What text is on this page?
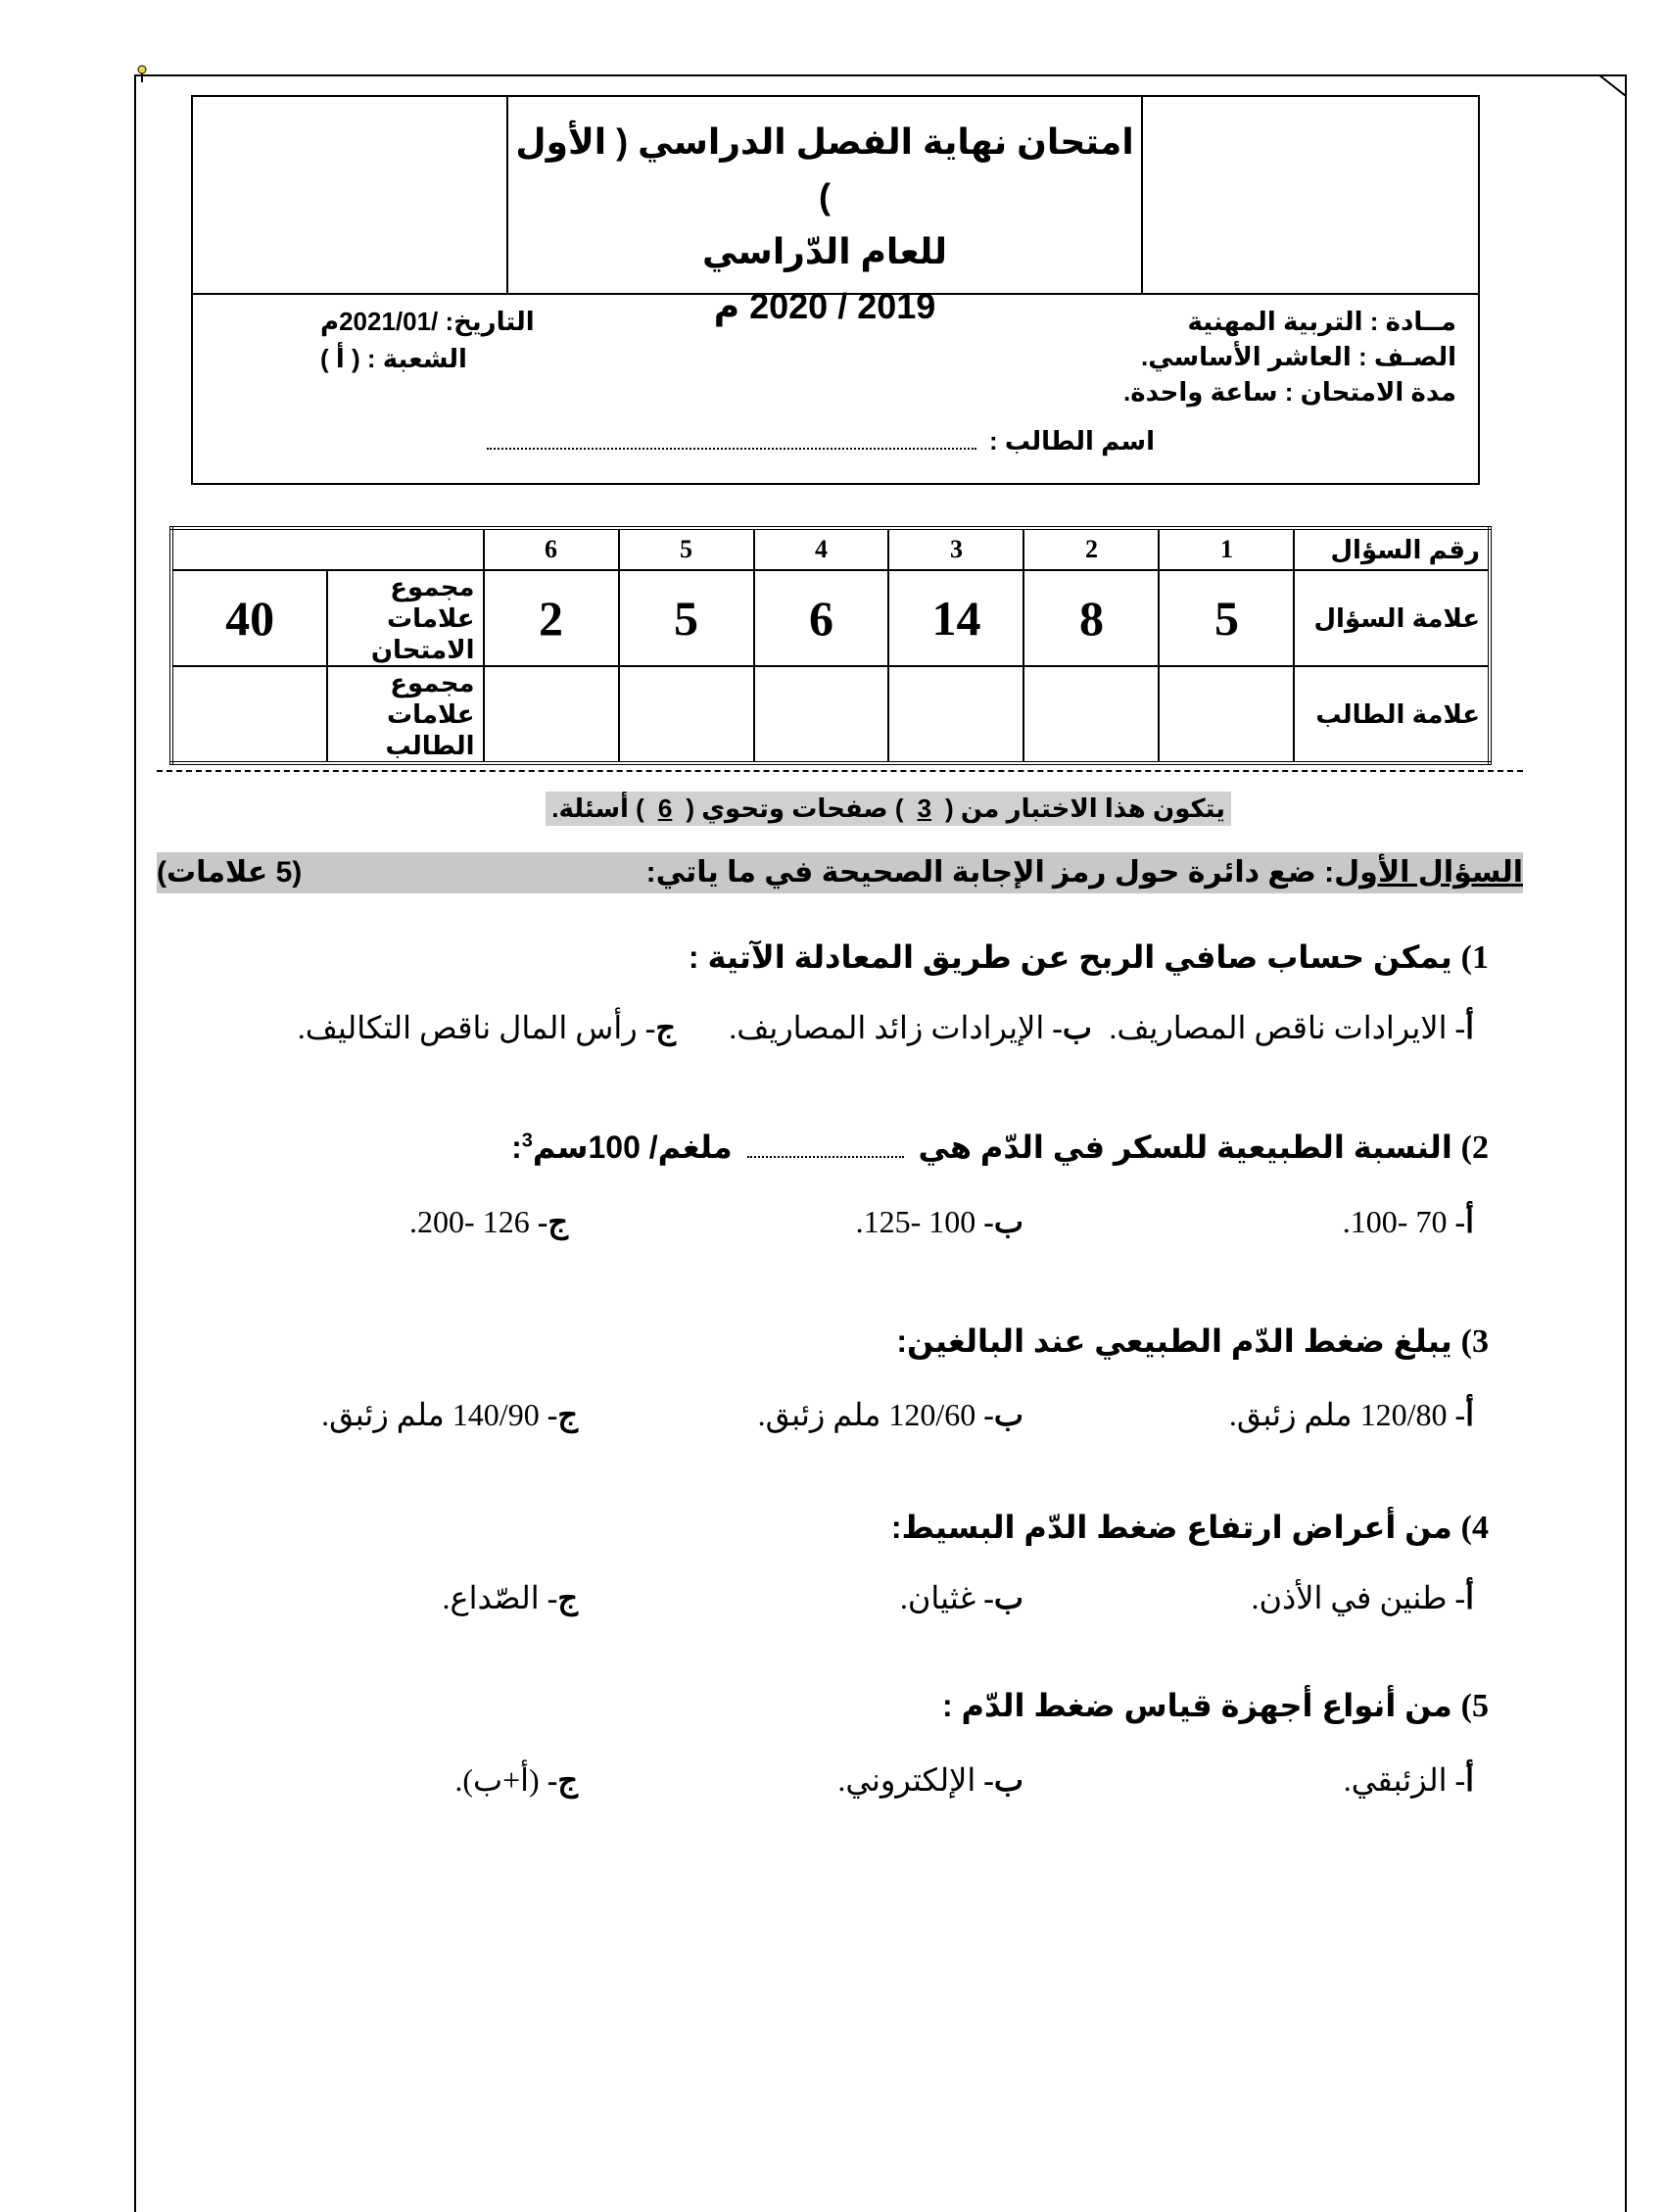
امتحان نهاية الفصل الدراسي ( الأول )
للعام الدّراسي
2019 / 2020 م	مــادة : التربية المهنية
الصـف : العاشر الأساسي.
مدة الامتحان : ساعة واحدة.
اسم الطالب :
التاريخ: /2021/01م
الشعبة : ( أ )
رقم السؤال	1	2	3	4	5	6		
علامة السؤال	5	8	14	6	5	2	مجموع علامات الامتحان	40
علامة الطالب							مجموع علامات الطالب	
يتكون هذا الاختبار من (3) صفحات وتحوي (6) أسئلة.
السؤال الأول: ضع دائرة حول رمز الإجابة الصحيحة في ما ياتي:
(5 علامات)
1) يمكن حساب صافي الربح عن طريق المعادلة الآتية :
أ- الايرادات ناقص المصاريف.
ب- الإيرادات زائد المصاريف.
ج- رأس المال ناقص التكاليف.
2) النسبة الطبيعية للسكر في الدّم هي  ملغم/ 100سم$^3$:
أ- 70 -100.
ب- 100 -125.
ج- 126 -200.
3) يبلغ ضغط الدّم الطبيعي عند البالغين:
أ- 120/80 ملم زئبق.
ب- 120/60 ملم زئبق.
ج- 140/90 ملم زئبق.
4) من أعراض ارتفاع ضغط الدّم البسيط:
أ- طنين في الأذن.
ب- غثيان.
ج- الصّداع.
5) من أنواع أجهزة قياس ضغط الدّم :
أ- الزئبقي.
ب- الإلكتروني.
ج- (أ+ب).
